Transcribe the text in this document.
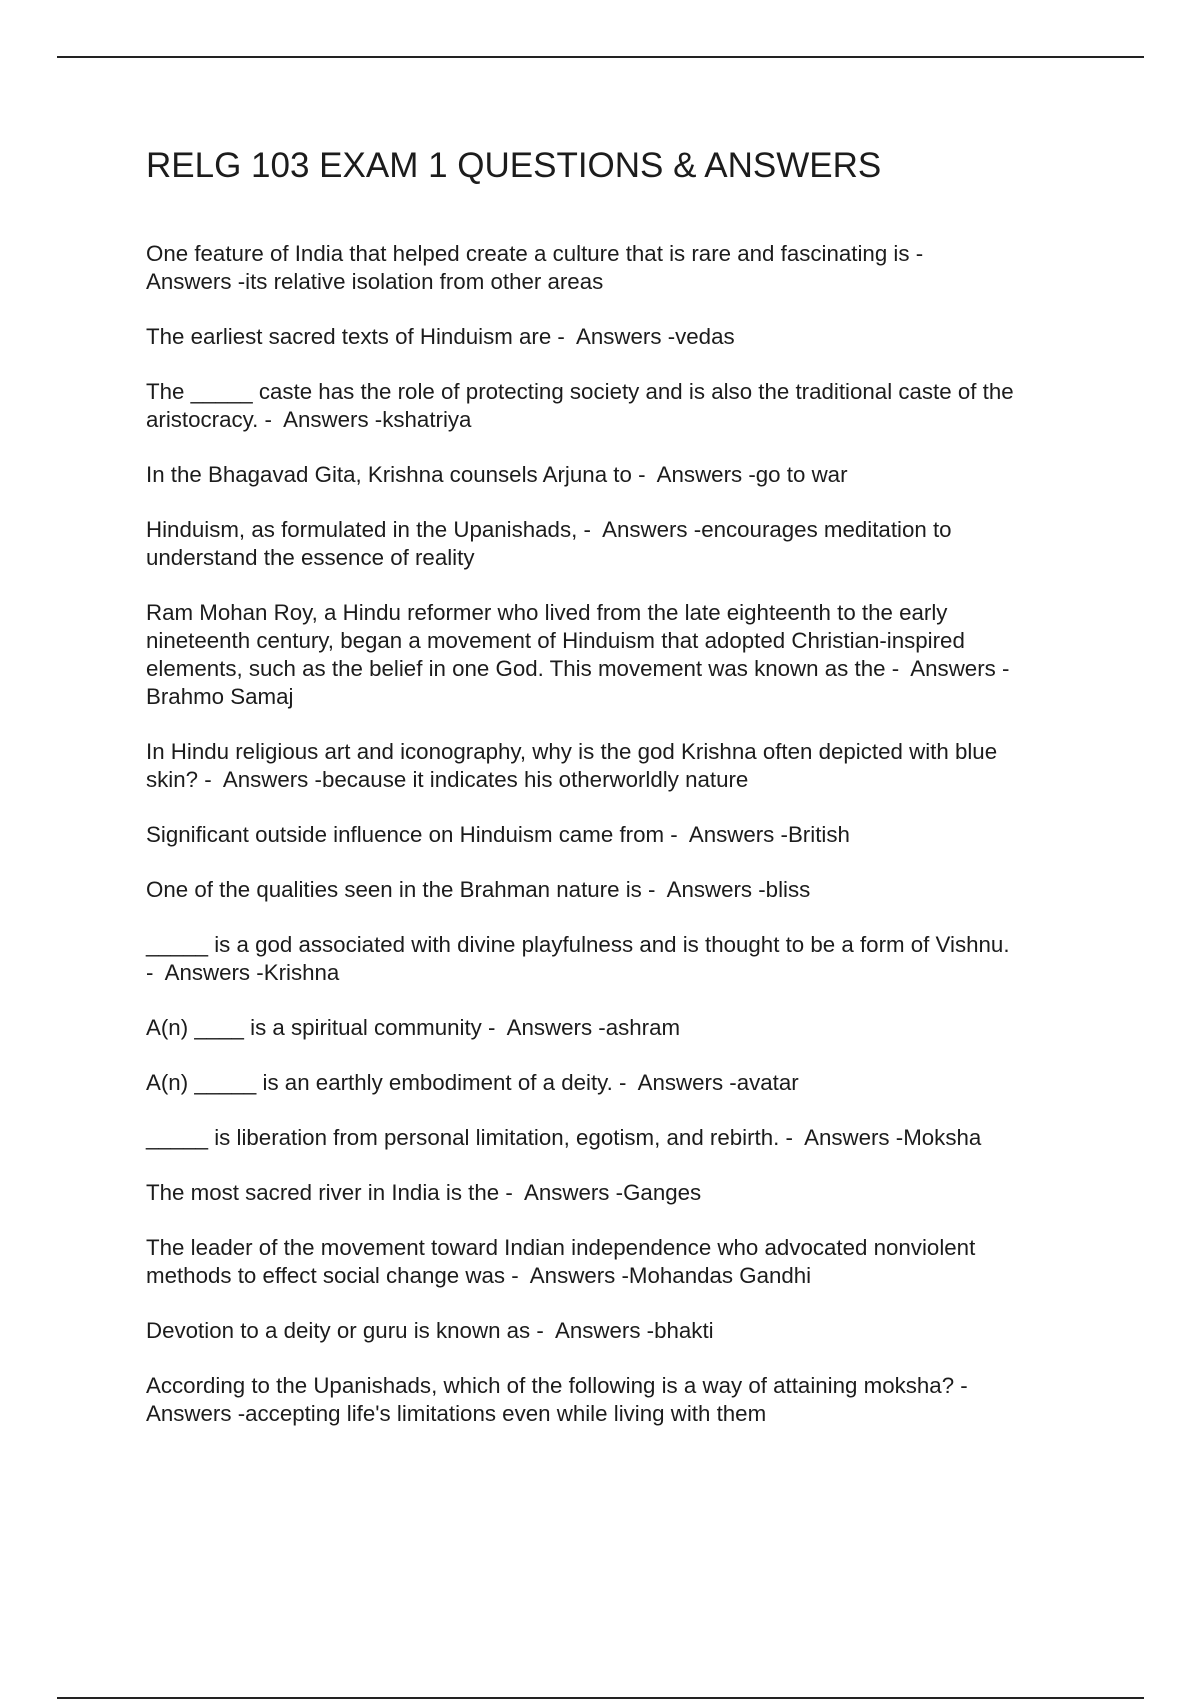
RELG 103 EXAM 1 QUESTIONS & ANSWERS
One feature of India that helped create a culture that is rare and fascinating is -
Answers -its relative isolation from other areas
The earliest sacred texts of Hinduism are -  Answers -vedas
The _____ caste has the role of protecting society and is also the traditional caste of the
aristocracy. -  Answers -kshatriya
In the Bhagavad Gita, Krishna counsels Arjuna to -  Answers -go to war
Hinduism, as formulated in the Upanishads, -  Answers -encourages meditation to
understand the essence of reality
Ram Mohan Roy, a Hindu reformer who lived from the late eighteenth to the early
nineteenth century, began a movement of Hinduism that adopted Christian-inspired
elements, such as the belief in one God. This movement was known as the -  Answers -
Brahmo Samaj
In Hindu religious art and iconography, why is the god Krishna often depicted with blue
skin? -  Answers -because it indicates his otherworldly nature
Significant outside influence on Hinduism came from -  Answers -British
One of the qualities seen in the Brahman nature is -  Answers -bliss
_____ is a god associated with divine playfulness and is thought to be a form of Vishnu.
-  Answers -Krishna
A(n) ____ is a spiritual community -  Answers -ashram
A(n) _____ is an earthly embodiment of a deity. -  Answers -avatar
_____ is liberation from personal limitation, egotism, and rebirth. -  Answers -Moksha
The most sacred river in India is the -  Answers -Ganges
The leader of the movement toward Indian independence who advocated nonviolent
methods to effect social change was -  Answers -Mohandas Gandhi
Devotion to a deity or guru is known as -  Answers -bhakti
According to the Upanishads, which of the following is a way of attaining moksha? -
Answers -accepting life's limitations even while living with them
